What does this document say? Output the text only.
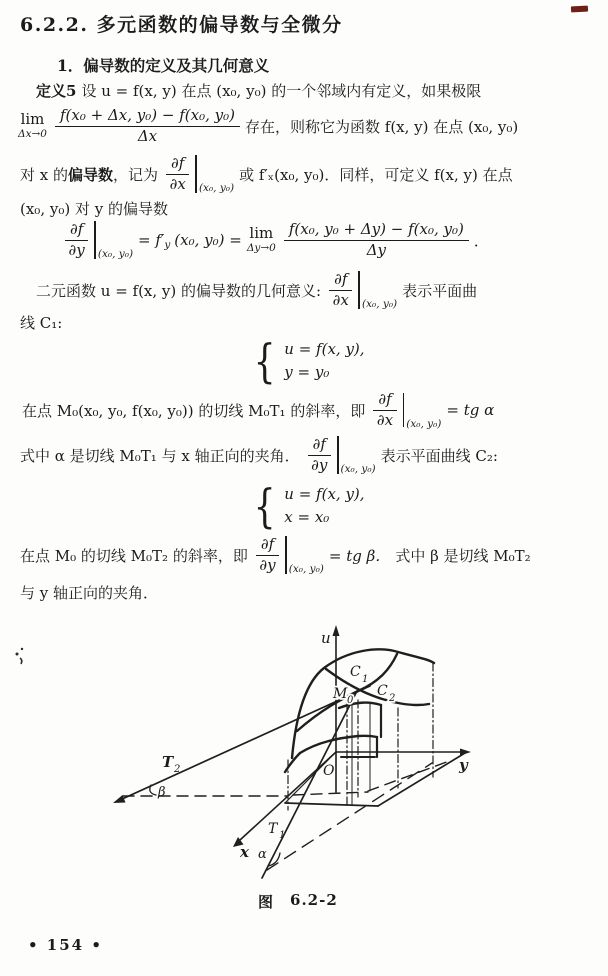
6.2.2. 多元函数的偏导数与全微分
1．偏导数的定义及其几何意义
定义5 设 u = f(x, y) 在点 (x₀, y₀) 的一个邻域内有定义，如果极限
lim
$\Delta x\to 0 \frac{\text{f(x₀ + Δx, y₀) − f(x₀, y₀)}}{\Delta x}$ 存在，则称它为函数 f(x, y) 在点 (x₀, y₀)
对 x 的 偏导数 ，记为 $\frac{\partial f}{\partial x} (x_0$, y₀)
或 f′ₓ(x₀, y₀)．同样，可定义 f(x, y) 在点
(x₀, y₀) 对 y 的偏导数
$\frac{\partial f}{\partial y} (x_0$, y₀)
= $f'_y$ (x₀, y₀) = lim
$\Delta y\to 0 \frac{\text{f(x₀, y₀ + Δy) − f(x₀, y₀)}}{\Delta y}$ ．
二元函数 u = f(x, y) 的偏导数的几何意义: $\frac{\partial f}{\partial x} (x_0$, y₀)
表示平面曲
线 C₁:
{ u = f(x, y),
y = y₀
在点 M₀(x₀, y₀, f(x₀, y₀)) 的切线 M₀T₁ 的斜率，即 $\frac{\partial f}{\partial x} (x_0$, y₀)
= tg α
式中 α 是切线 M₀T₁ 与 x 轴正向的夹角． $\frac{\partial f}{\partial y} (x_0$, y₀)
表示平面曲线 C₂:
{ u = f(x, y),
x = x₀
在点 M₀ 的切线 M₀T₂ 的斜率，即 $\frac{\partial f}{\partial y} (x_0$, y₀)
= tg β． 式中 β 是切线 M₀T₂
与 y 轴正向的夹角．
u
y
x
O
C 1
C 2
M 0
T 2
T 1
β
α
图 6.2-2
• 154 •
